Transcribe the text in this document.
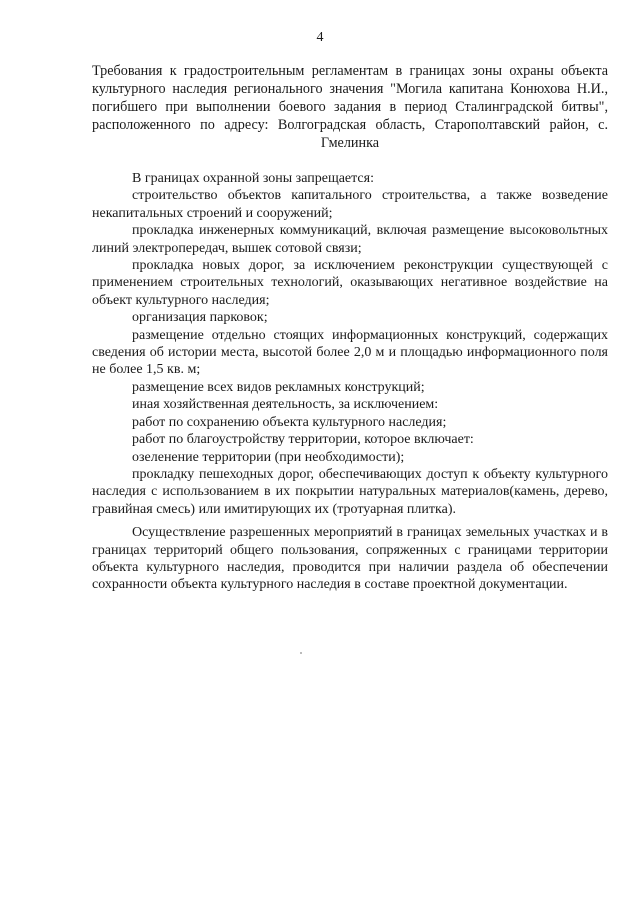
4
Требования к градостроительным регламентам в границах зоны охраны объекта культурного наследия регионального значения "Могила капитана Конюхова Н.И., погибшего при выполнении боевого задания в период Сталинградской битвы", расположенного по адресу: Волгоградская область, Старополтавский район, с. Гмелинка

В границах охранной зоны запрещается:

строительство объектов капитального строительства, а также возведение некапитальных строений и сооружений;

прокладка инженерных коммуникаций, включая размещение высоковольтных линий электропередач, вышек сотовой связи;

прокладка новых дорог, за исключением реконструкции существующей с применением строительных технологий, оказывающих негативное воздействие на объект культурного наследия;

организация парковок;

размещение отдельно стоящих информационных конструкций, содержащих сведения об истории места, высотой более 2,0 м и площадью информационного поля не более 1,5 кв. м;

размещение всех видов рекламных конструкций;

иная хозяйственная деятельность, за исключением:

работ по сохранению объекта культурного наследия;

работ по благоустройству территории, которое включает:

озеленение территории (при необходимости);

прокладку пешеходных дорог, обеспечивающих доступ к объекту культурного наследия с использованием в их покрытии натуральных материалов(камень, дерево, гравийная смесь) или имитирующих их (тротуарная плитка).

Осуществление разрешенных мероприятий в границах земельных участках и в границах территорий общего пользования, сопряженных с границами территории объекта культурного наследия, проводится при наличии раздела об обеспечении сохранности объекта культурного наследия в составе проектной документации.
